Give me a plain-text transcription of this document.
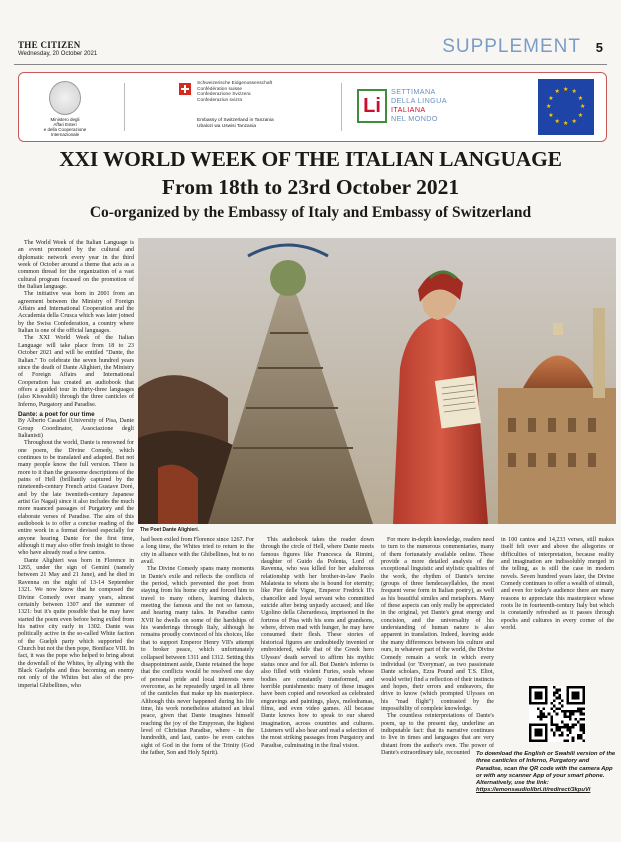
THE CITIZEN
Wednesday, 20 October 2021	SUPPLEMENT 5
Ministero degli
Affari Esteri
e della Cooperazione Internazionale
Schweizerische Eidgenossenschaft
Confédération suisse
Confederazione Svizzera
Confederaziun svizra
Embassy of Switzerland in Tanzania
Ubalozi wa Uswisi Tanzania
Li
SETTIMANA
DELLA LINGUA
ITALIANA
NEL MONDO
★ ★
★
★
★
★
★
★
★
★
★
★
XXI WORLD WEEK OF THE ITALIAN LANGUAGE
From 18th to 23rd October 2021
Co-organized by the Embassy of Italy and Embassy of Switzerland

The World Week of the Italian Language is an event promoted by the cultural and diplomatic network every year in the third week of October around a theme that acts as a common thread for the organization of a vast cultural program focused on the promotion of the Italian language.

The initiative was born in 2001 from an agreement between the Ministry of Foreign Affairs and International Cooperation and the Accademia della Crusca which was later joined by the Swiss Confederation, a country where Italian is one of the official languages.

The XXI World Week of the Italian Language will take place from 18 to 23 October 2021 and will be entitled "Dante, the Italian." To celebrate the seven hundred years since the death of Dante Alighieri, the Ministry of Foreign Affairs and International Cooperation has created an audiobook that offers a guided tour in thirty-three languages (also Kiswahili) through the three canticles of Inferno, Purgatory and Paradise.

Dante: a poet for our time

By Alberto Casadei (University of Pisa, Dante Group Coordinator, Associazione degli Italianisti)

Throughout the world, Dante is renowned for one poem, the Divine Comedy, which continues to be translated and adapted. But not many people know the full version. There is more to it than the gruesome descriptions of the pains of Hell (brilliantly captured by the nineteenth-century French artist Gustave Doré, and by the late twentieth-century Japanese artist Go Nagai) since it also includes the much more nuanced passages of Purgatory and the elaborate verses of Paradise. The aim of this audiobook is to offer a concise reading of the entire work in a format devised especially for anyone hearing Dante for the first time, although it may also offer fresh insight to those who have already read a few cantos.

Dante Alighieri was born in Florence in 1265, under the sign of Gemini (namely between 21 May and 21 June), and he died in Ravenna on the night of 13-14 September 1321. We now know that he composed the Divine Comedy over many years, almost certainly between 1307 and the summer of 1321: but it's quite possible that he may have started the poem even before being exiled from his native city early in 1302. Dante was politically active in the so-called White faction of the Guelph party which supported the Church but not the then pope, Boniface VIII. In fact, it was the pope who helped to bring about the downfall of the Whites, by allying with the Black Guelphs and thus becoming an enemy not only of the Whites but also of the pro-imperial Ghibellines, who

The Poet Dante Alighieri.

had been exiled from Florence since 1267. For a long time, the Whites tried to return to the city in alliance with the Ghibellines, but to no avail.

The Divine Comedy spans many moments in Dante's exile and reflects the conflicts of the period, which prevented the poet from staying from his home city and forced him to travel to many others, learning dialects, meeting the famous and the not so famous, and hearing many tales. In Paradise canto XVII he dwells on some of the hardships of his wanderings through Italy, although he remains proudly convinced of his choices, like that to support Emperor Henry VII's attempt to broker peace, which unfortunately collapsed between 1311 and 1312. Setting this disappointment aside, Dante retained the hope that the conflicts would be resolved one day of personal pride and local interests were overcome, as he repeatedly urged in all three of the canticles that make up his masterpiece. Although this never happened during his life time, his work nonetheless attained an ideal peace, given that Dante imagines himself reaching the joy of the Empyrean, the highest level of Christian Paradise, where - in the hundredth, and last, canto- he even catches sight of God in the form of the Trinity (God the father, Son and Holy Spirit).

This audiobook takes the reader down through the circle of Hell, where Dante meets famous figures like Francesca da Rimini, daughter of Guido da Polenta, Lord of Ravenna, who was killed for her adulterous relationship with her brother-in-law Paolo Malatesta to whom she is bound for eternity; like Pier delle Vigne, Emperor Fredrick II's chancellor and loyal servant who committed suicide after being unjustly accused; and like Ugolino della Gherardesca, imprisoned in the fortress of Pisa with his sons and grandsons, where, driven mad with hunger, he may have consumed their flesh. These stories of historical figures are undoubtedly invented or embroidered, while that of the Greek hero Ulysses' death served to affirm his mythic status once and for all. But Dante's inferno is also filled with violent Furies, souls whose bodies are constantly transformed, and horrible punishments: many of these images have been copied and reworked as celebrated engravings and paintings, plays, melodramas, films, and even video games. All because Dante knows how to speak to our shared imagination, across countries and cultures. Listeners will also hear and read a selection of the most striking passages from Purgatory and Paradise, culminating in the final vision.

For more in-depth knowledge, readers need to turn to the numerous commentaries, many of them fortunately available online. These provide a more detailed analysis of the exceptional linguistic and stylistic qualities of the work, the rhythm of Dante's tercine (groups of three hendecasyllables, the most frequent verse form in Italian poetry), as well as his beautiful similes and metaphors. Many of these aspects can only really be appreciated in the original, yet Dante's great energy and concision, and the universality of his understanding of human nature is also apparent in translation. Indeed, leaving aside the many differences between his culture and ours, in whatever part of the world, the Divine Comedy remain a work in which every individual (or 'Everyman', as two passionate Dante scholars, Ezra Pound and T.S. Eliot, would write) find a reflection of their instincts and hopes, their errors and endeavors, the drive to know (which prompted Ulysses on his "mad flight") contrasted by the impossibility of complete knowledge.

The countless reinterpretations of Dante's poem, up to the present day, underline an indisputable fact: that its narrative continues to live in times and languages that are very distant from the author's own. The power of Dante's extraordinary tale, recounted

in 100 cantos and 14,233 verses, still makes itself felt over and above the allegories or difficulties of interpretation, because reality and imagination are indissolubly merged in the telling, as is still the case in modern novels. Seven hundred years later, the Divine Comedy continues to offer a wealth of stimuli, and even for today's audience there are many reasons to appreciate this masterpiece whose roots lie in fourteenth-century Italy but which is constantly refreshed as it passes through epochs and cultures in every corner of the world.

To download the English or Swahili version of the three canticles of Inferno, Purgatory and Paradise, scan the QR code with the camera App or with any scanner App of your smart phone. Alternatively, use the link: https://emonsaudiolibri.it/redirect/3kpuVi
